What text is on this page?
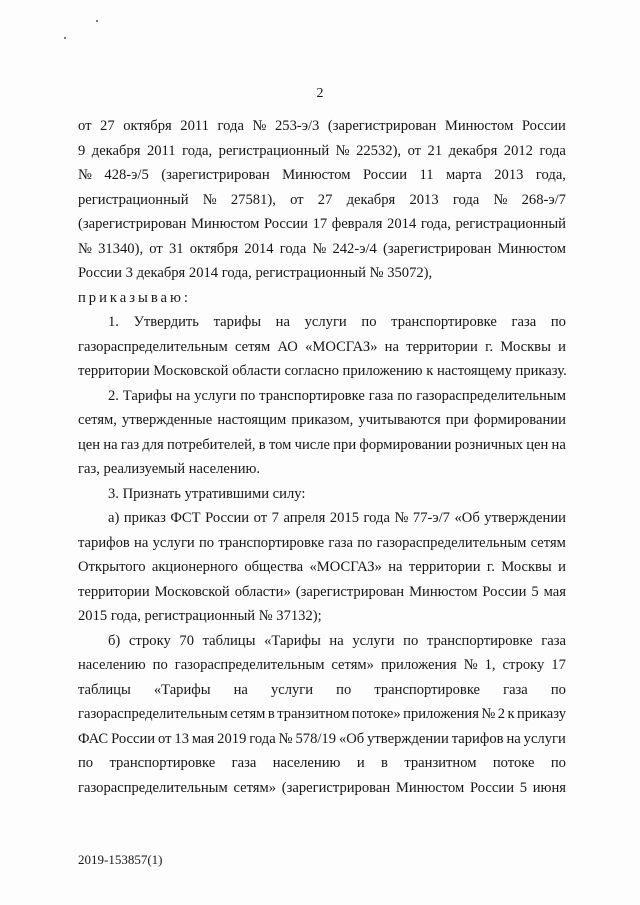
2
от 27 октября 2011 года № 253-э/3 (зарегистрирован Минюстом России
9 декабря 2011 года, регистрационный № 22532), от 21 декабря 2012 года
№ 428-э/5 (зарегистрирован Минюстом России 11 марта 2013 года,
регистрационный № 27581), от 27 декабря 2013 года № 268-э/7
(зарегистрирован Минюстом России 17 февраля 2014 года, регистрационный
№ 31340), от 31 октября 2014 года № 242-э/4 (зарегистрирован Минюстом
России 3 декабря 2014 года, регистрационный № 35072),
приказываю:
1. Утвердить тарифы на услуги по транспортировке газа по
газораспределительным сетям АО «МОСГАЗ» на территории г. Москвы и
территории Московской области согласно приложению к настоящему приказу.
2. Тарифы на услуги по транспортировке газа по газораспределительным
сетям, утвержденные настоящим приказом, учитываются при формировании
цен на газ для потребителей, в том числе при формировании розничных цен на
газ, реализуемый населению.
3. Признать утратившими силу:
а) приказ ФСТ России от 7 апреля 2015 года № 77-э/7 «Об утверждении
тарифов на услуги по транспортировке газа по газораспределительным сетям
Открытого акционерного общества «МОСГАЗ» на территории г. Москвы и
территории Московской области» (зарегистрирован Минюстом России 5 мая
2015 года, регистрационный № 37132);
б) строку 70 таблицы «Тарифы на услуги по транспортировке газа
населению по газораспределительным сетям» приложения № 1, строку 17
таблицы «Тарифы на услуги по транспортировке газа по
газораспределительным сетям в транзитном потоке» приложения № 2 к приказу
ФАС России от 13 мая 2019 года № 578/19 «Об утверждении тарифов на услуги
по транспортировке газа населению и в транзитном потоке по
газораспределительным сетям» (зарегистрирован Минюстом России 5 июня
2019-153857(1)
